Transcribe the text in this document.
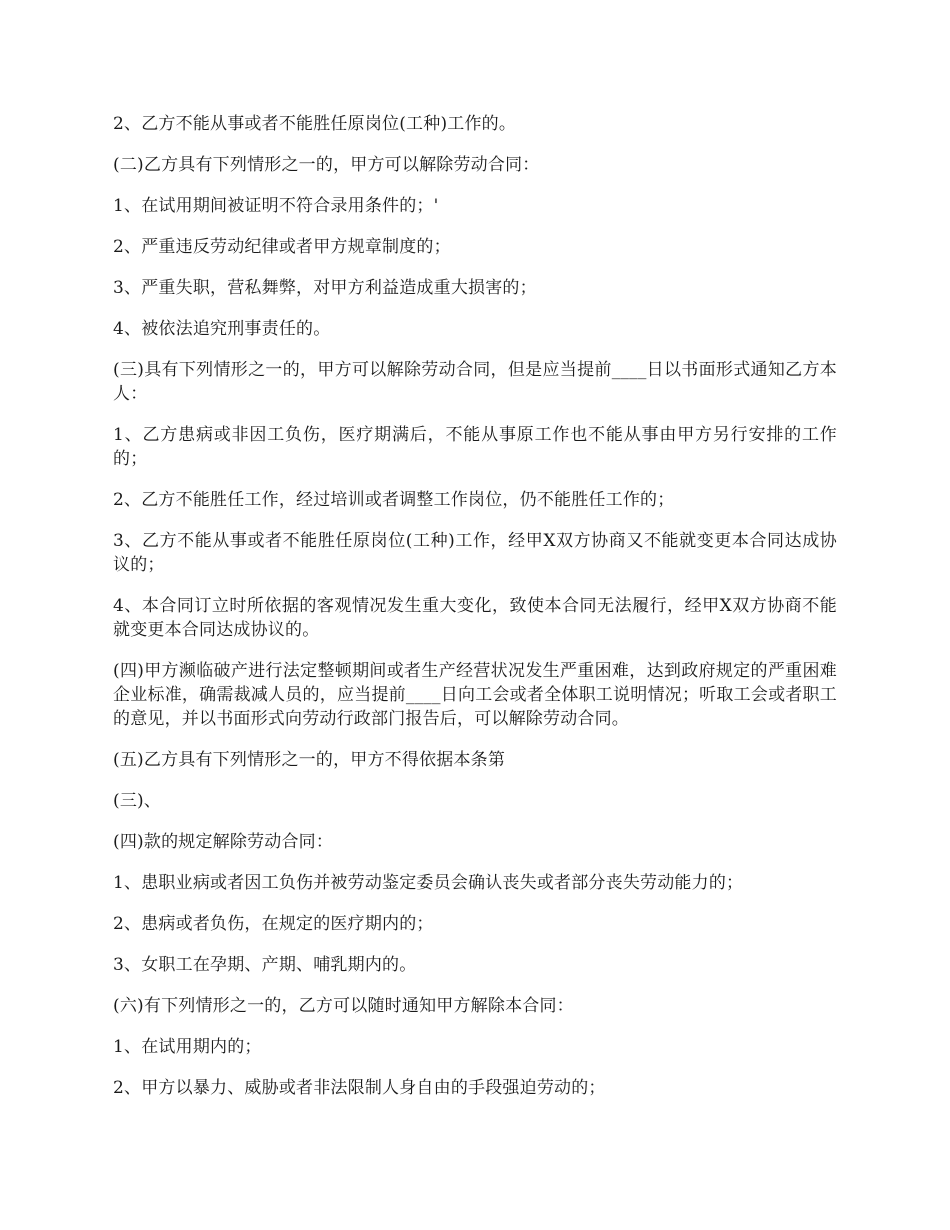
2、乙方不能从事或者不能胜任原岗位(工种)工作的。

(二)乙方具有下列情形之一的，甲方可以解除劳动合同：

1、在试用期间被证明不符合录用条件的；'

2、严重违反劳动纪律或者甲方规章制度的；

3、严重失职，营私舞弊，对甲方利益造成重大损害的；

4、被依法追究刑事责任的。

(三)具有下列情形之一的，甲方可以解除劳动合同，但是应当提前____日以书面形式通知乙方本人：

1、乙方患病或非因工负伤，医疗期满后，不能从事原工作也不能从事由甲方另行安排的工作的；

2、乙方不能胜任工作，经过培训或者调整工作岗位，仍不能胜任工作的；

3、乙方不能从事或者不能胜任原岗位(工种)工作，经甲X双方协商又不能就变更本合同达成协议的；

4、本合同订立时所依据的客观情况发生重大变化，致使本合同无法履行，经甲X双方协商不能就变更本合同达成协议的。

(四)甲方濒临破产进行法定整顿期间或者生产经营状况发生严重困难，达到政府规定的严重困难企业标准，确需裁减人员的，应当提前____日向工会或者全体职工说明情况；听取工会或者职工的意见，并以书面形式向劳动行政部门报告后，可以解除劳动合同。

(五)乙方具有下列情形之一的，甲方不得依据本条第

(三)、

(四)款的规定解除劳动合同：

1、患职业病或者因工负伤并被劳动鉴定委员会确认丧失或者部分丧失劳动能力的；

2、患病或者负伤，在规定的医疗期内的；

3、女职工在孕期、产期、哺乳期内的。

(六)有下列情形之一的，乙方可以随时通知甲方解除本合同：

1、在试用期内的；

2、甲方以暴力、威胁或者非法限制人身自由的手段强迫劳动的；
